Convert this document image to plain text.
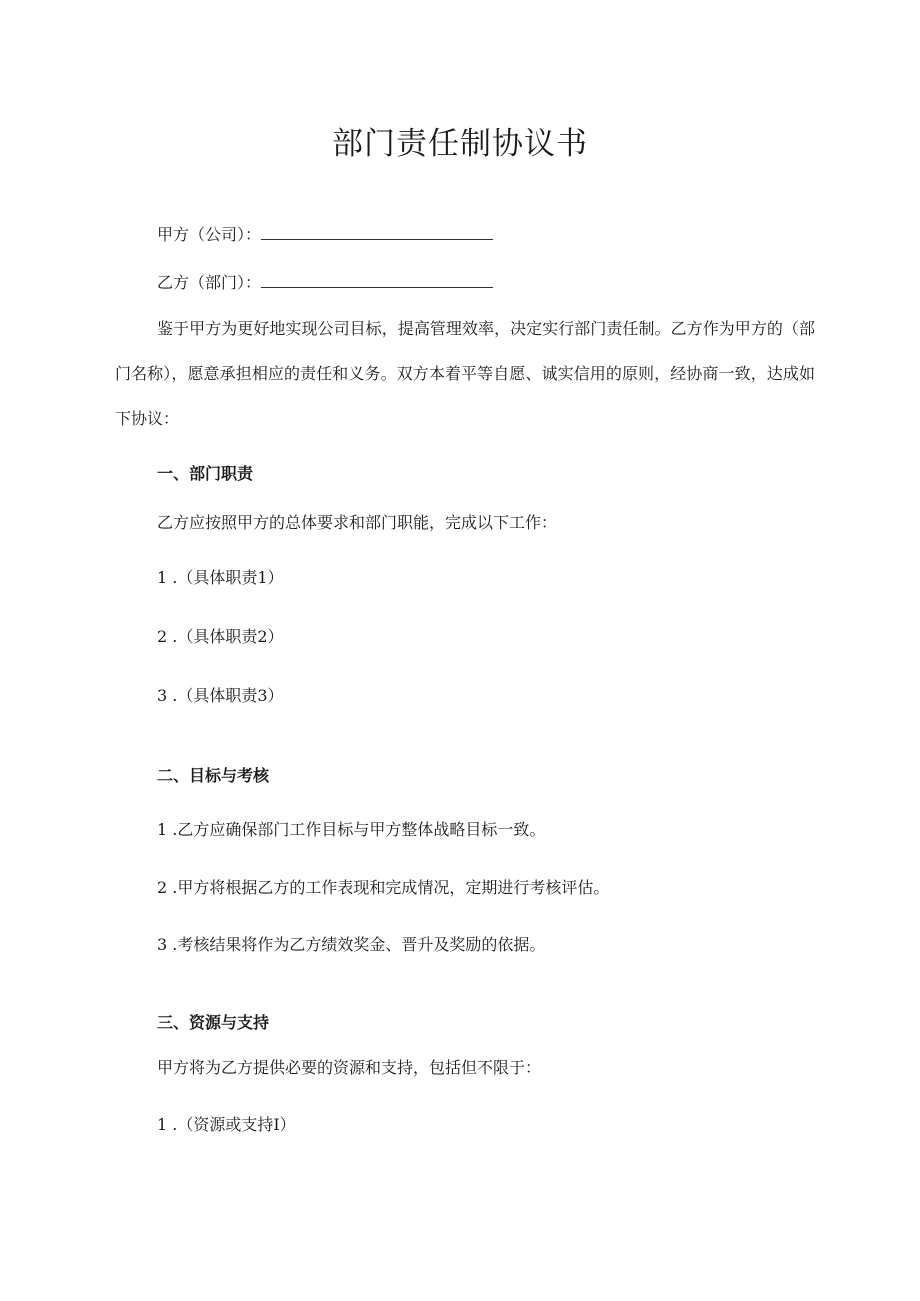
部门责任制协议书
甲方（公司）：
乙方（部门）：
鉴于甲方为更好地实现公司目标，提高管理效率，决定实行部门责任制。乙方作为甲方的（部门名称），愿意承担相应的责任和义务。双方本着平等自愿、诚实信用的原则，经协商一致，达成如下协议：
一、部门职责
乙方应按照甲方的总体要求和部门职能，完成以下工作：
1 .（具体职责1）
2 .（具体职责2）
3 .（具体职责3）
二、目标与考核
1 .乙方应确保部门工作目标与甲方整体战略目标一致。
2 .甲方将根据乙方的工作表现和完成情况，定期进行考核评估。
3 .考核结果将作为乙方绩效奖金、晋升及奖励的依据。
三、资源与支持
甲方将为乙方提供必要的资源和支持，包括但不限于：
1 .（资源或支持I）
